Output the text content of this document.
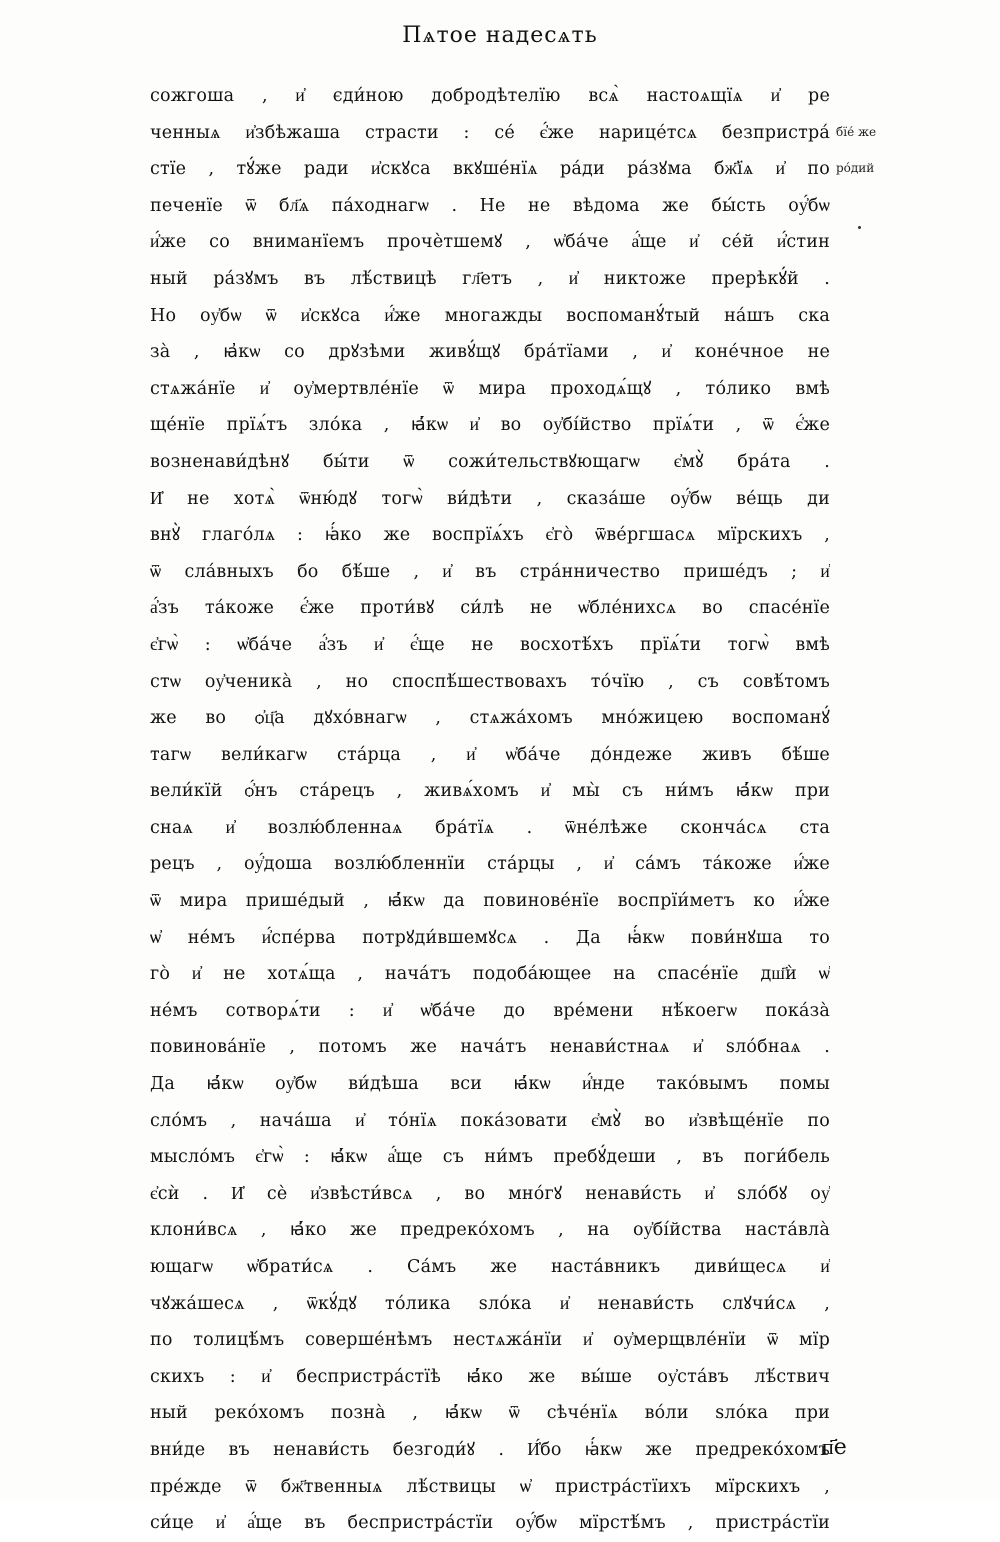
Пѧтое надесѧть
сожгоша , и҆ єди́ною добродѣтелїю всѧ̀ настоѧщїѧ и҆ ре
ченныѧ и҆збѣжаша страсти : се́ є҆́же нарице́тсѧ безпристра́
стїе , тꙋ́же ради и҆скꙋса вкꙋше́нїѧ ра́ди ра́зꙋма бж҃їѧ и҆ по
печенїе ѿ бл҃ѧ па́ходнагѡ . Не не вѣдома же бы́сть оу҆́бѡ
и҆́же со вниманїемъ прочѐтшемꙋ , ѡ҆ба́че а҆́ще и҆ се́й и҆́стин
ный ра́зꙋмъ въ лѣ́ствицѣ гл҃етъ , и҆ никтоже прерѣкꙋ́й .
Но оу҆бѡ ѿ и҆скꙋса и҆́же многажды воспоманꙋ́тый на́шъ ска
за̀ , ꙗ҆кѡ со дрꙋзѣми живꙋ́щꙋ бра́тїами , и҆ коне́чное не
стѧжа́нїе и҆ оу҆мертвле́нїе ѿ мира проходѧ́щꙋ , то́лико вмѣ
ще́нїе прїѧ́тъ зло́ка , ꙗ҆́кѡ и҆ во оу҆бі́йство прїѧ́ти , ѿ є҆́же
возненави́дѣнꙋ бы́ти ѿ сожи́тельствꙋющагѡ є҆мꙋ̀ бра́та .
И҆ не хотѧ̀ ѿню́дꙋ тогѡ̀ ви́дѣти , сказа́ше оу҆́бѡ ве́щь ди
внꙋ̀ глаго́лѧ : ꙗ҆́ко же воспрїѧ́хъ є҆го̀ ѿве́ргшасѧ мїрскихъ ,
ѿ сла́вныхъ бо бѣ́ше , и҆ въ стра́нничество прише́дъ ; и҆
а҆́зъ та́коже є҆́же проти́вꙋ си́лѣ не ѡ҆бле́нихсѧ во спасе́нїе
є҆гѡ̀ : ѡ҆ба́че а҆́зъ и҆ є҆́ще не восхотѣ́хъ прїѧ́ти тогѡ̀ вмѣ
стѡ оу҆ченика̀ , но споспѣ́шествовахъ то́чїю , съ совѣ́томъ
же во ѻ҆ц҃а дꙋхо́внагѡ , стѧжа́хомъ мно́жицею воспоманꙋ́
тагѡ вели́кагѡ ста́рца , и҆ ѡ҆ба́че до́ндеже живъ бѣ́ше
вели́кїй ѻ҆́нъ ста́рецъ , живѧ́хомъ и҆ мы̀ съ ни́мъ ꙗ҆́кѡ при
снаѧ и҆ возлю́бленнаѧ бра́тїѧ . ѿне́лѣже сконча́сѧ ста
рецъ , оу҆́доша возлю́бленнїи ста́рцы , и҆ са́мъ та́коже и҆́же
ѿ мира прише́дый , ꙗ҆́кѡ да повинове́нїе воспрїи́метъ ко и҆́же
ѡ҆ не́мъ и҆́спе́рва потрꙋди́вшемꙋсѧ . Да ꙗ҆́кѡ пови́нꙋша то
го̀ и҆ не хотѧ́ща , нача́тъ подоба́ющее на спасе́нїе дш҃ѝ ѡ҆
не́мъ сотворѧ́ти : и҆ ѡ҆ба́че до вре́мени нѣ́коегѡ пока́за̀
повинова́нїе , потомъ же нача́тъ ненави́стнаѧ и҆ ѕло́бнаѧ .
Да ꙗ҆́кѡ оу҆бѡ ви́дѣша вси ꙗ҆́кѡ и҆́нде тако́вымъ помы
сло́мъ , нача́ша и҆ то́нїѧ пока́зовати є҆мꙋ̀ во и҆звѣще́нїе по
мысло́мъ є҆гѡ̀ : ꙗ҆́кѡ а҆́ще съ ни́мъ пребꙋ́деши , въ поги́бель
є҆сѝ . И҆ сѐ и҆звѣсти́всѧ , во мно́гꙋ ненави́сть и҆ ѕло́бꙋ оу҆
клони́всѧ , ꙗ҆́ко же предреко́хомъ , на оу҆бі́йства наста́вла̀
ющагѡ ѡ҆брати́сѧ . Са́мъ же наста́вникъ диви́щесѧ и҆
чꙋжа́шесѧ , ѿкꙋ́дꙋ то́лика ѕло́ка и҆ ненави́сть слꙋчи́сѧ ,
по толицѣ́мъ соверше́нѣмъ нестѧжа́нїи и҆ оу҆мерщвле́нїи ѿ мїр
скихъ : и҆ беспристра́стїѣ ꙗ҆́ко же вы́ше оу҆ста́въ лѣ́ствич
ный реко́хомъ позна̀ , ꙗ҆́кѡ ѿ сѣче́нїѧ во́ли ѕло́ка при
вни́де въ ненави́сть безгоди́ꙋ . И҆́бо ꙗ҆́кѡ же предреко́хомъ
пре́жде ѿ бж҃твенныѧ лѣ́ствицы ѡ҆ пристра́стїихъ мїрскихъ ,
си́це и҆ а҆́ще въ беспристра́стїи оу҆́бѡ мїрстѣ́мъ , пристра́стїи
бїе́ же
ро́дий
п҃е
